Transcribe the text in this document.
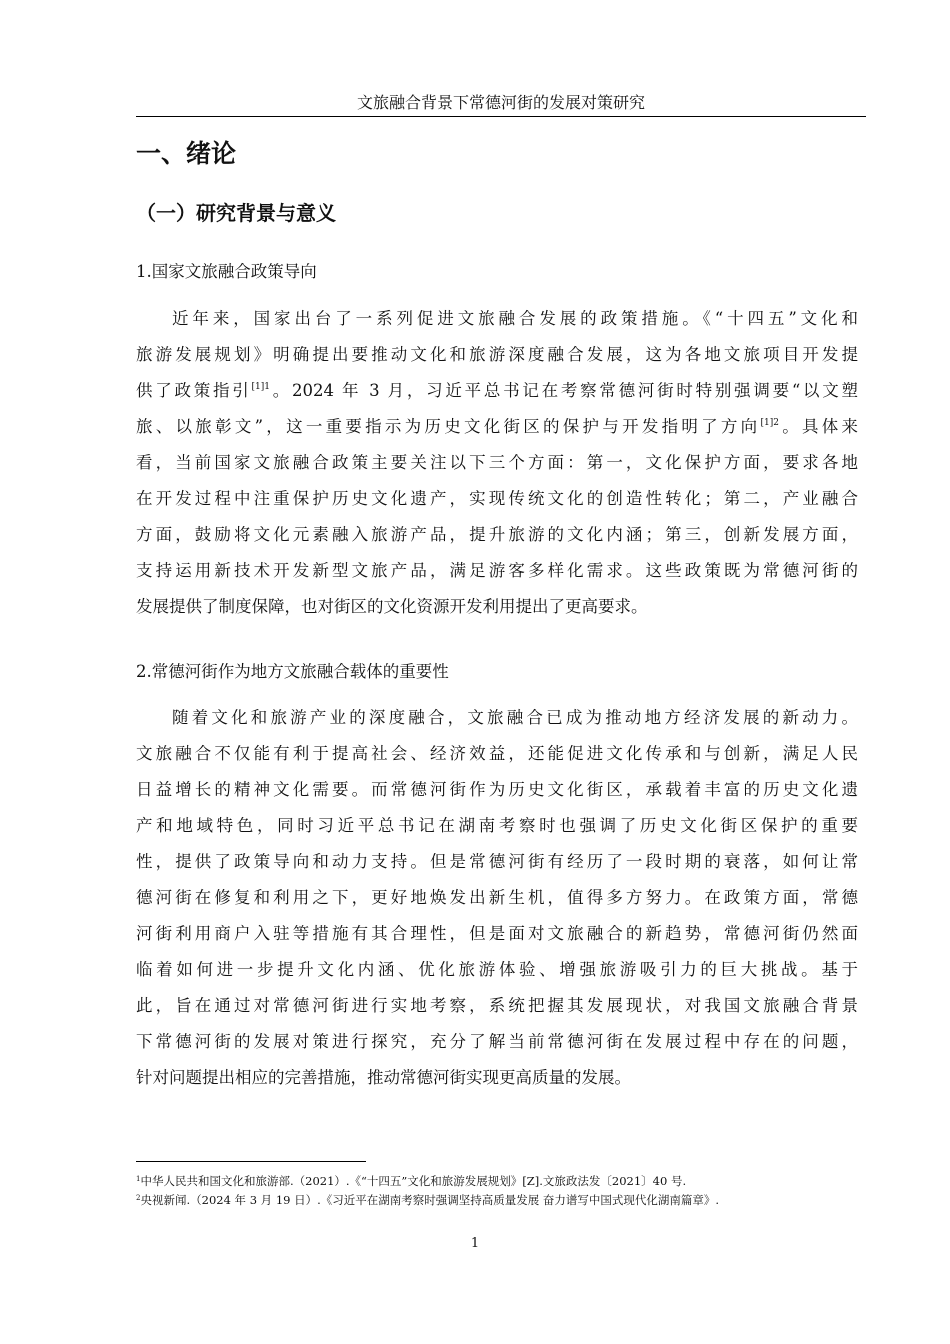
文旅融合背景下常德河街的发展对策研究
一、绪论
（一）研究背景与意义
1.国家文旅融合政策导向
近年来，国家出台了一系列促进文旅融合发展的政策措施。《“十四五”文化和
旅游发展规划》明确提出要推动文化和旅游深度融合发展，这为各地文旅项目开发提
供了政策指引$^{[1]1}$。2024 年 3 月，习近平总书记在考察常德河街时特别强调要“以文塑
旅、以旅彰文”，这一重要指示为历史文化街区的保护与开发指明了方向$^{[1]2}$。具体来
看，当前国家文旅融合政策主要关注以下三个方面：第一，文化保护方面，要求各地
在开发过程中注重保护历史文化遗产，实现传统文化的创造性转化；第二，产业融合
方面，鼓励将文化元素融入旅游产品，提升旅游的文化内涵；第三，创新发展方面，
支持运用新技术开发新型文旅产品，满足游客多样化需求。这些政策既为常德河街的
发展提供了制度保障，也对街区的文化资源开发利用提出了更高要求。
2.常德河街作为地方文旅融合载体的重要性
随着文化和旅游产业的深度融合，文旅融合已成为推动地方经济发展的新动力。
文旅融合不仅能有利于提高社会、经济效益，还能促进文化传承和与创新，满足人民
日益增长的精神文化需要。而常德河街作为历史文化街区，承载着丰富的历史文化遗
产和地域特色，同时习近平总书记在湖南考察时也强调了历史文化街区保护的重要
性，提供了政策导向和动力支持。但是常德河街有经历了一段时期的衰落，如何让常
德河街在修复和利用之下，更好地焕发出新生机，值得多方努力。在政策方面，常德
河街利用商户入驻等措施有其合理性，但是面对文旅融合的新趋势，常德河街仍然面
临着如何进一步提升文化内涵、优化旅游体验、增强旅游吸引力的巨大挑战。基于
此，旨在通过对常德河街进行实地考察，系统把握其发展现状，对我国文旅融合背景
下常德河街的发展对策进行探究，充分了解当前常德河街在发展过程中存在的问题，
针对问题提出相应的完善措施，推动常德河街实现更高质量的发展。
$^1$中华人民共和国文化和旅游部.（2021）.《“十四五”文化和旅游发展规划》[Z].文旅政法发〔2021〕40 号.
$^2$央视新闻.（2024 年 3 月 19 日）.《习近平在湖南考察时强调坚持高质量发展 奋力谱写中国式现代化湖南篇章》.
1
